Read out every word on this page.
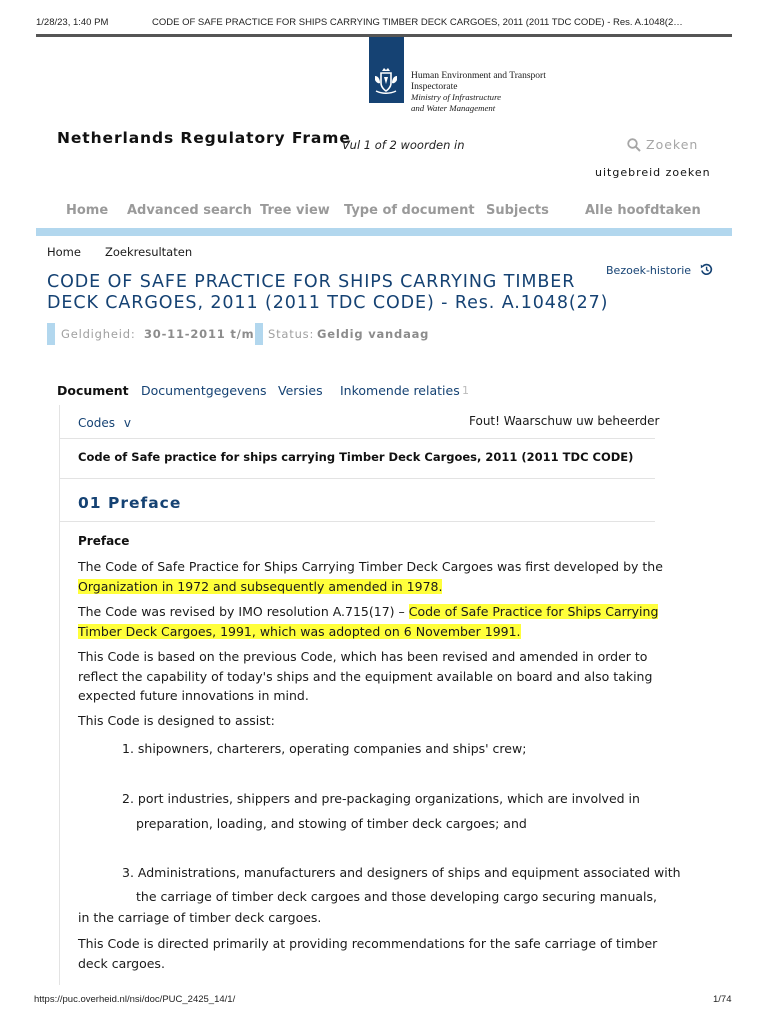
1/28/23, 1:40 PM	CODE OF SAFE PRACTICE FOR SHIPS CARRYING TIMBER DECK CARGOES, 2011 (2011 TDC CODE) - Res. A.1048(2…
Human Environment and Transport
Inspectorate
Ministry of Infrastructure
and Water Management
Netherlands Regulatory Frame
Vul 1 of 2 woorden in	Zoeken
uitgebreid zoeken
Home Advanced search Tree view Type of document Subjects	Alle hoofdtaken
Home Zoekresultaten
CODE OF SAFE PRACTICE FOR SHIPS CARRYING TIMBER
DECK CARGOES, 2011 (2011 TDC CODE) - Res. A.1048(27)
Bezoek-historie
Geldigheid: 30-11-2011 t/m Status: Geldig vandaag
Document Documentgegevens Versies Inkomende relaties 1
Codes v	Fout! Waarschuw uw beheerder
Code of Safe practice for ships carrying Timber Deck Cargoes, 2011 (2011 TDC CODE)
01 Preface
Preface
The Code of Safe Practice for Ships Carrying Timber Deck Cargoes was first developed by the Organization in 1972 and subsequently amended in 1978.
The Code was revised by IMO resolution A.715(17) – Code of Safe Practice for Ships Carrying Timber Deck Cargoes, 1991, which was adopted on 6 November 1991.
This Code is based on the previous Code, which has been revised and amended in order to reflect the capability of today's ships and the equipment available on board and also taking expected future innovations in mind.
This Code is designed to assist:
1. shipowners, charterers, operating companies and ships' crew;
2. port industries, shippers and pre-packaging organizations, which are involved in
preparation, loading, and stowing of timber deck cargoes; and
3. Administrations, manufacturers and designers of ships and equipment associated with
the carriage of timber deck cargoes and those developing cargo securing manuals,
in the carriage of timber deck cargoes.
This Code is directed primarily at providing recommendations for the safe carriage of timber deck cargoes.
https://puc.overheid.nl/nsi/doc/PUC_2425_14/1/	1/74
